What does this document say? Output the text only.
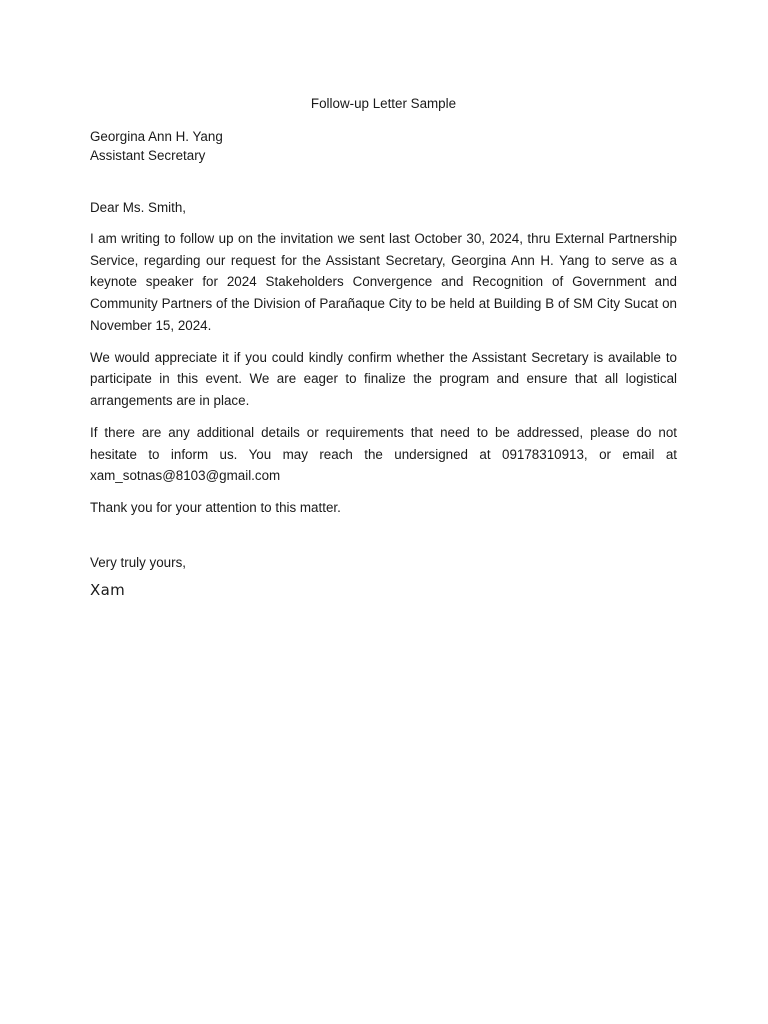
Follow-up Letter Sample

Georgina Ann H. Yang

Assistant Secretary

Dear Ms. Smith,

I am writing to follow up on the invitation we sent last October 30, 2024, thru External Partnership Service, regarding our request for the Assistant Secretary, Georgina Ann H. Yang to serve as a keynote speaker for 2024 Stakeholders Convergence and Recognition of Government and Community Partners of the Division of Parañaque City to be held at Building B of SM City Sucat on November 15, 2024.

We would appreciate it if you could kindly confirm whether the Assistant Secretary is available to participate in this event. We are eager to finalize the program and ensure that all logistical arrangements are in place.

If there are any additional details or requirements that need to be addressed, please do not hesitate to inform us. You may reach the undersigned at 09178310913, or email at xam_sotnas@8103@gmail.com

Thank you for your attention to this matter.

Very truly yours,

Xam
